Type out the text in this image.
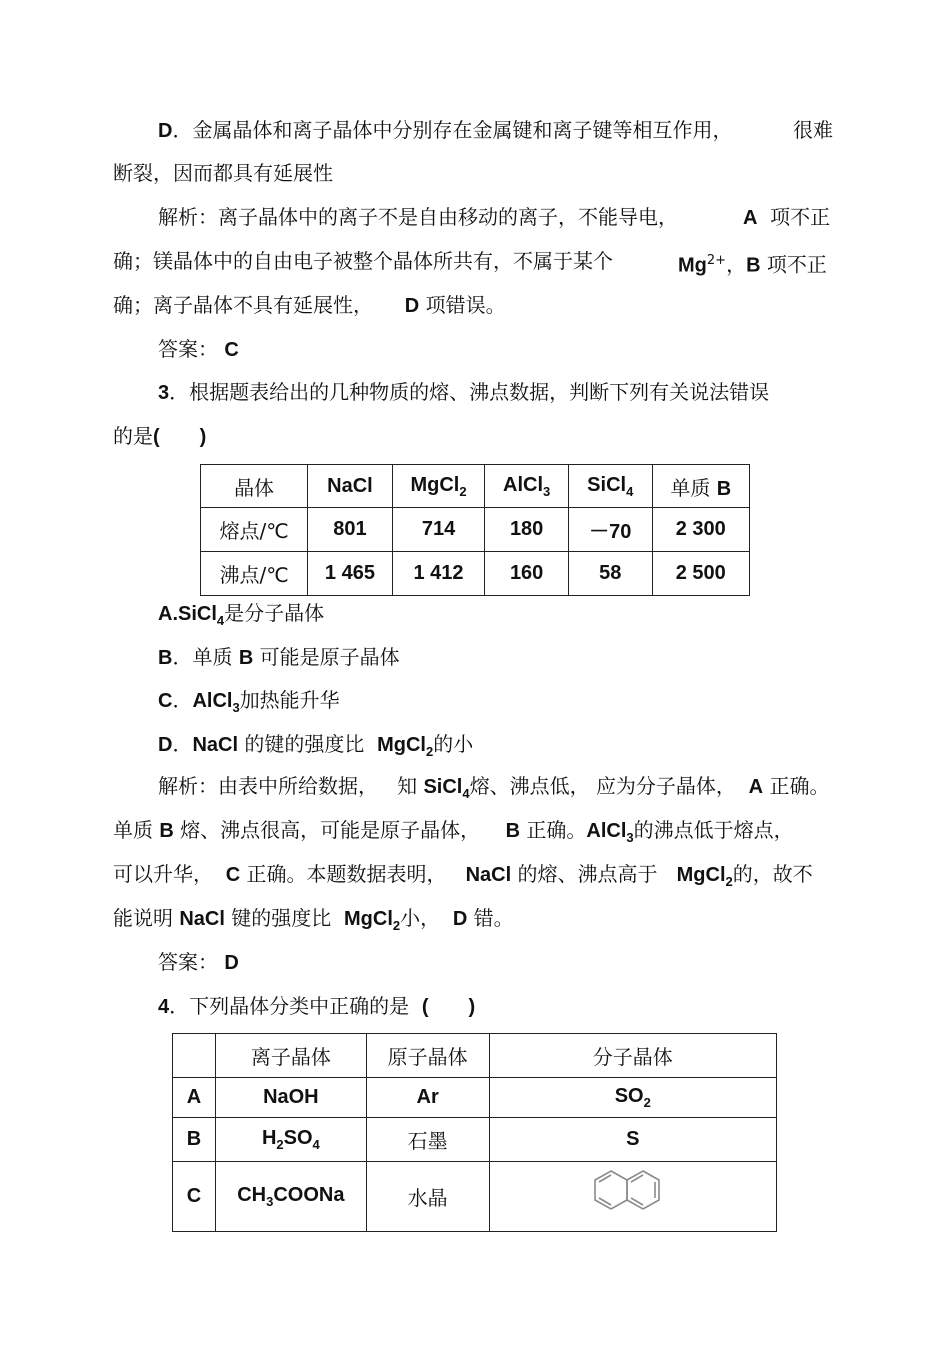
D．金属晶体和离子晶体中分别存在金属键和离子键等相互作用，	很难
断裂，因而都具有延展性
解析：离子晶体中的离子不是自由移动的离子，不能导电，	A 项不正
确；镁晶体中的自由电子被整个晶体所共有，不属于某个	$Mg^{2+}$，B 项不正
确；离子晶体不具有延展性， D 项错误。
答案： C
3．根据题表给出的几种物质的熔、沸点数据，判断下列有关说法错误
的是(　　)
晶体	NaCl	MgCl$_2$	AlCl$_3$	SiCl$_4$	单质 B
熔点/℃	801	714	180	－70	2 300
沸点/℃	1 465	1 412	160	58	2 500
A.SiCl$_4$是分子晶体
B．单质 B 可能是原子晶体
C．AlCl$_3$加热能升华
D．NaCl 的键的强度比 MgCl$_2$的小
解析：由表中所给数据， 知 SiCl$_4$熔、沸点低， 应为分子晶体， A 正确。
单质 B 熔、沸点很高，可能是原子晶体， B 正确。AlCl$_3$的沸点低于熔点，
可以升华， C 正确。本题数据表明， NaCl 的熔、沸点高于 MgCl$_2$的，故不
能说明 NaCl 键的强度比 MgCl$_2$小， D 错。
答案： D
4．下列晶体分类中正确的是 (　　)
	离子晶体	原子晶体	分子晶体
A	NaOH	Ar	$SO_2$
B	$H_2SO_4$	石墨	S
C	$CH_3COONa$	水晶	
